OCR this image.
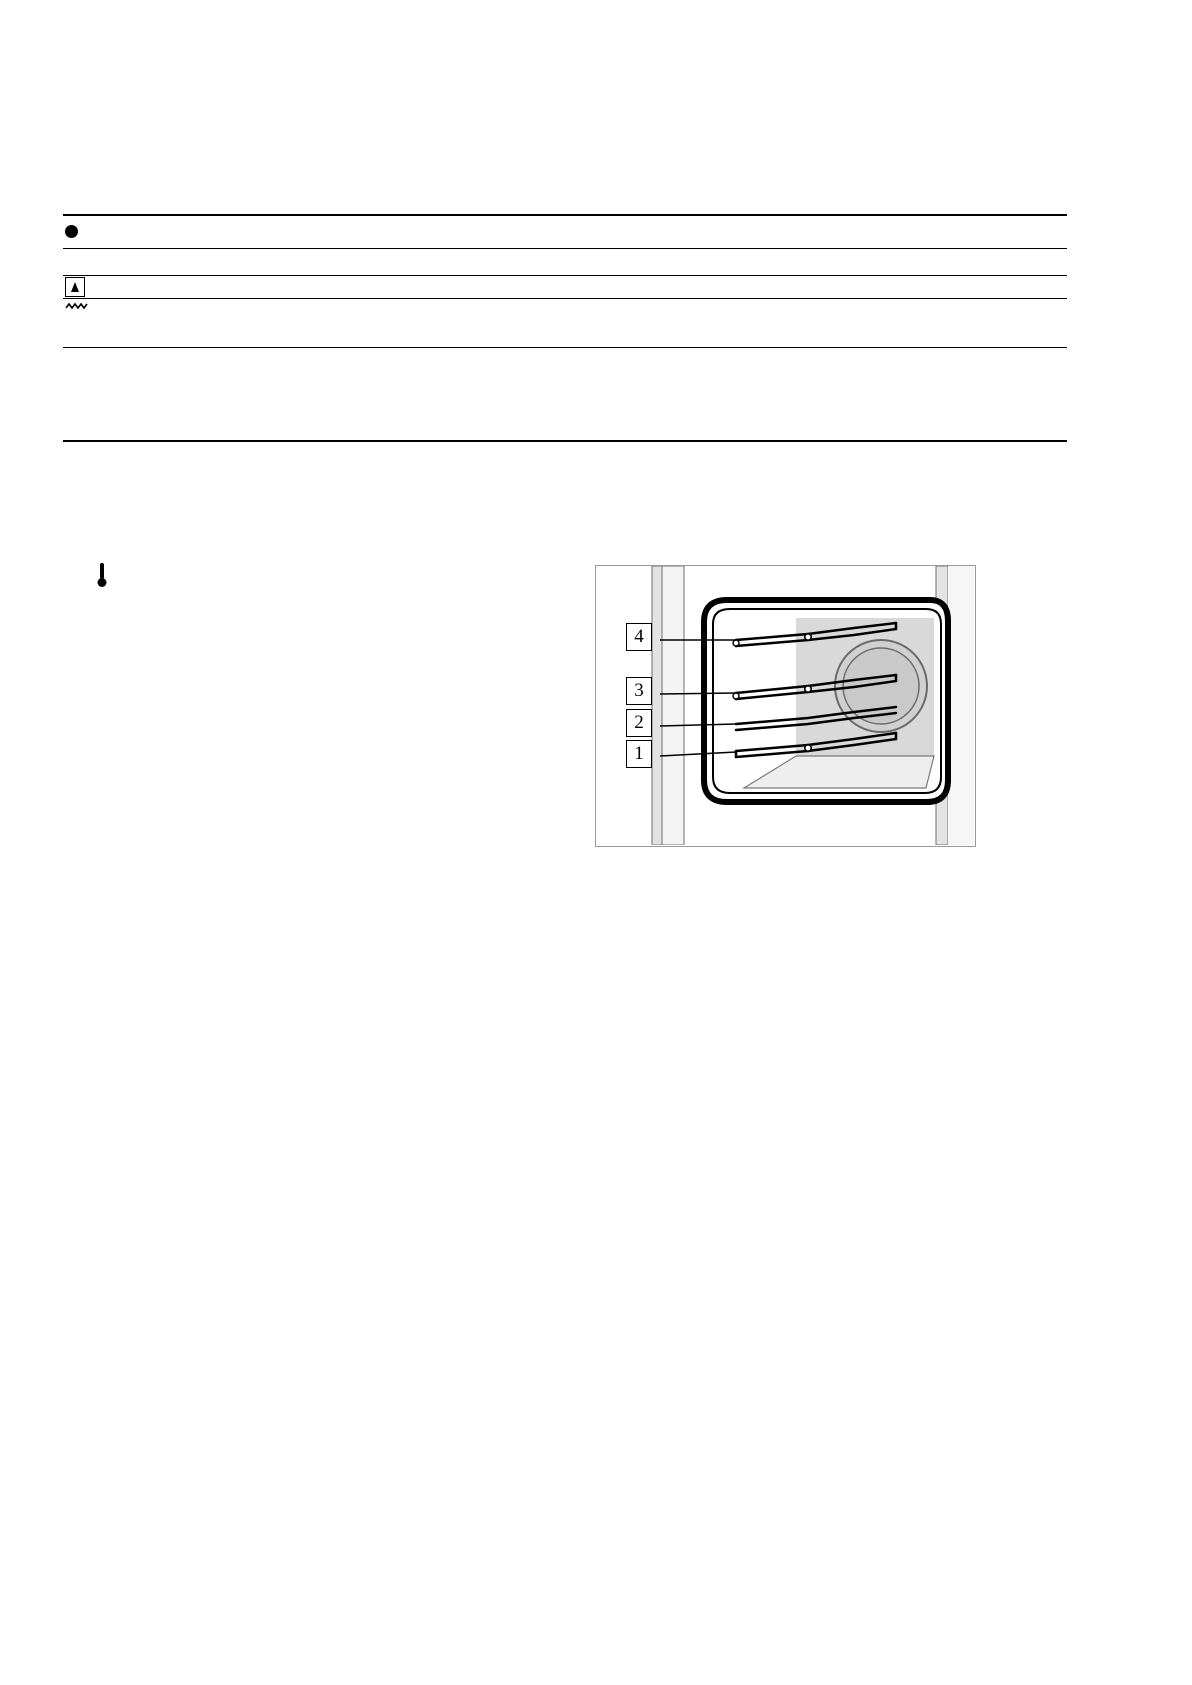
4
3
2
1
